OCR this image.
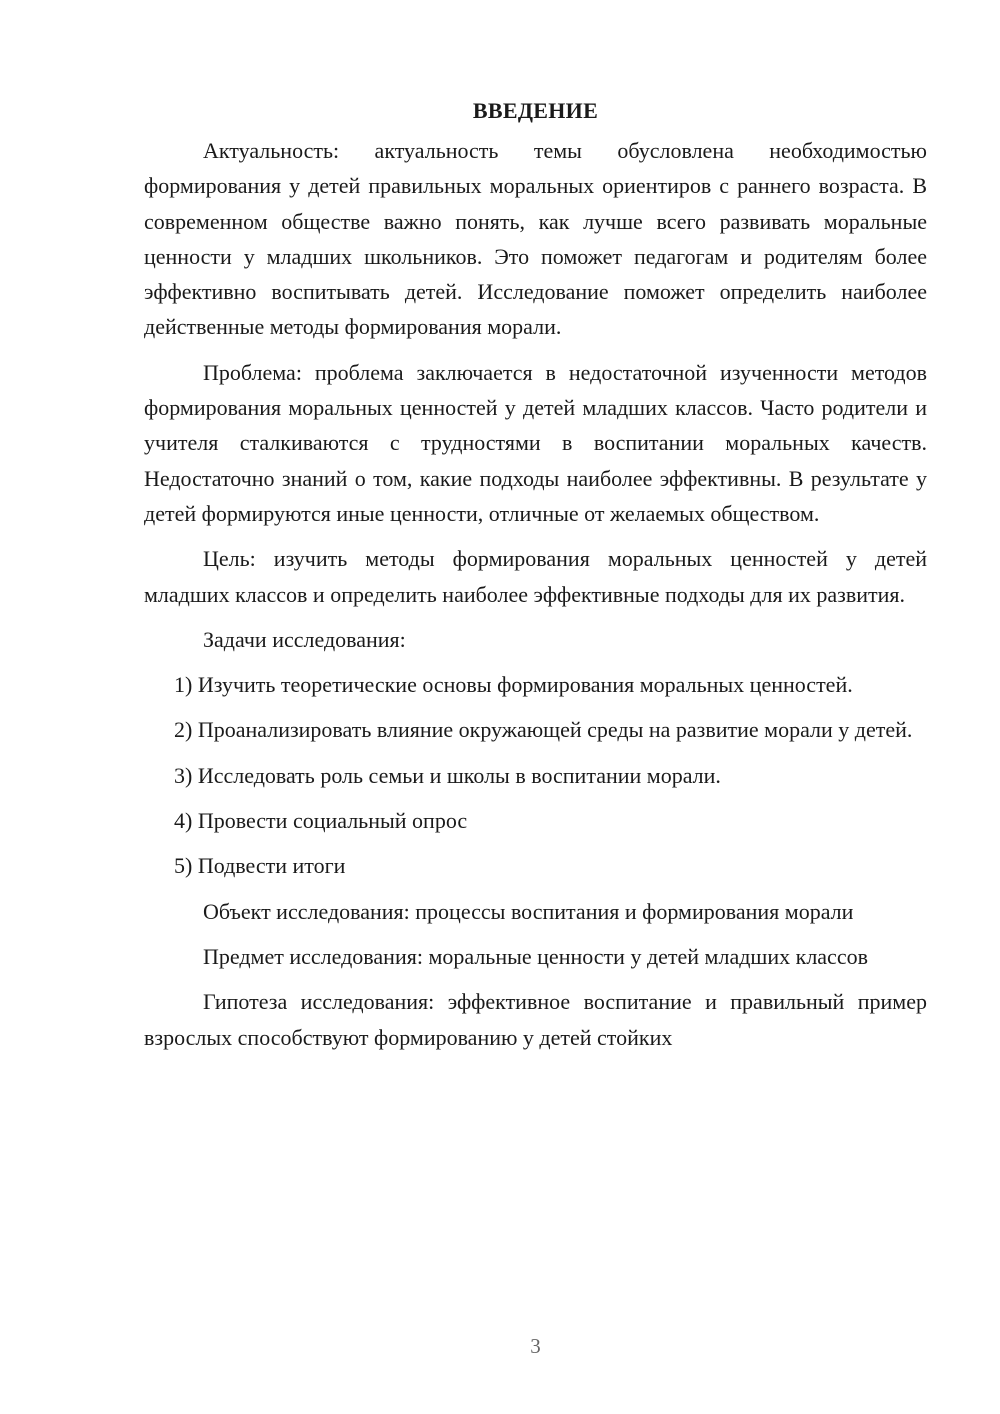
ВВЕДЕНИЕ

Актуальность: актуальность темы обусловлена необходимостью формирования у детей правильных моральных ориентиров с раннего возраста. В современном обществе важно понять, как лучше всего развивать моральные ценности у младших школьников. Это поможет педагогам и родителям более эффективно воспитывать детей. Исследование поможет определить наиболее действенные методы формирования морали.

Проблема: проблема заключается в недостаточной изученности методов формирования моральных ценностей у детей младших классов. Часто родители и учителя сталкиваются с трудностями в воспитании моральных качеств. Недостаточно знаний о том, какие подходы наиболее эффективны. В результате у детей формируются иные ценности, отличные от желаемых обществом.

Цель: изучить методы формирования моральных ценностей у детей младших классов и определить наиболее эффективные подходы для их развития.

Задачи исследования:

1) Изучить теоретические основы формирования моральных ценностей.

2) Проанализировать влияние окружающей среды на развитие морали у детей.

3) Исследовать роль семьи и школы в воспитании морали.

4) Провести социальный опрос

5) Подвести итоги

Объект исследования: процессы воспитания и формирования морали

Предмет исследования: моральные ценности у детей младших классов

Гипотеза исследования: эффективное воспитание и правильный пример взрослых способствуют формированию у детей стойких

3
